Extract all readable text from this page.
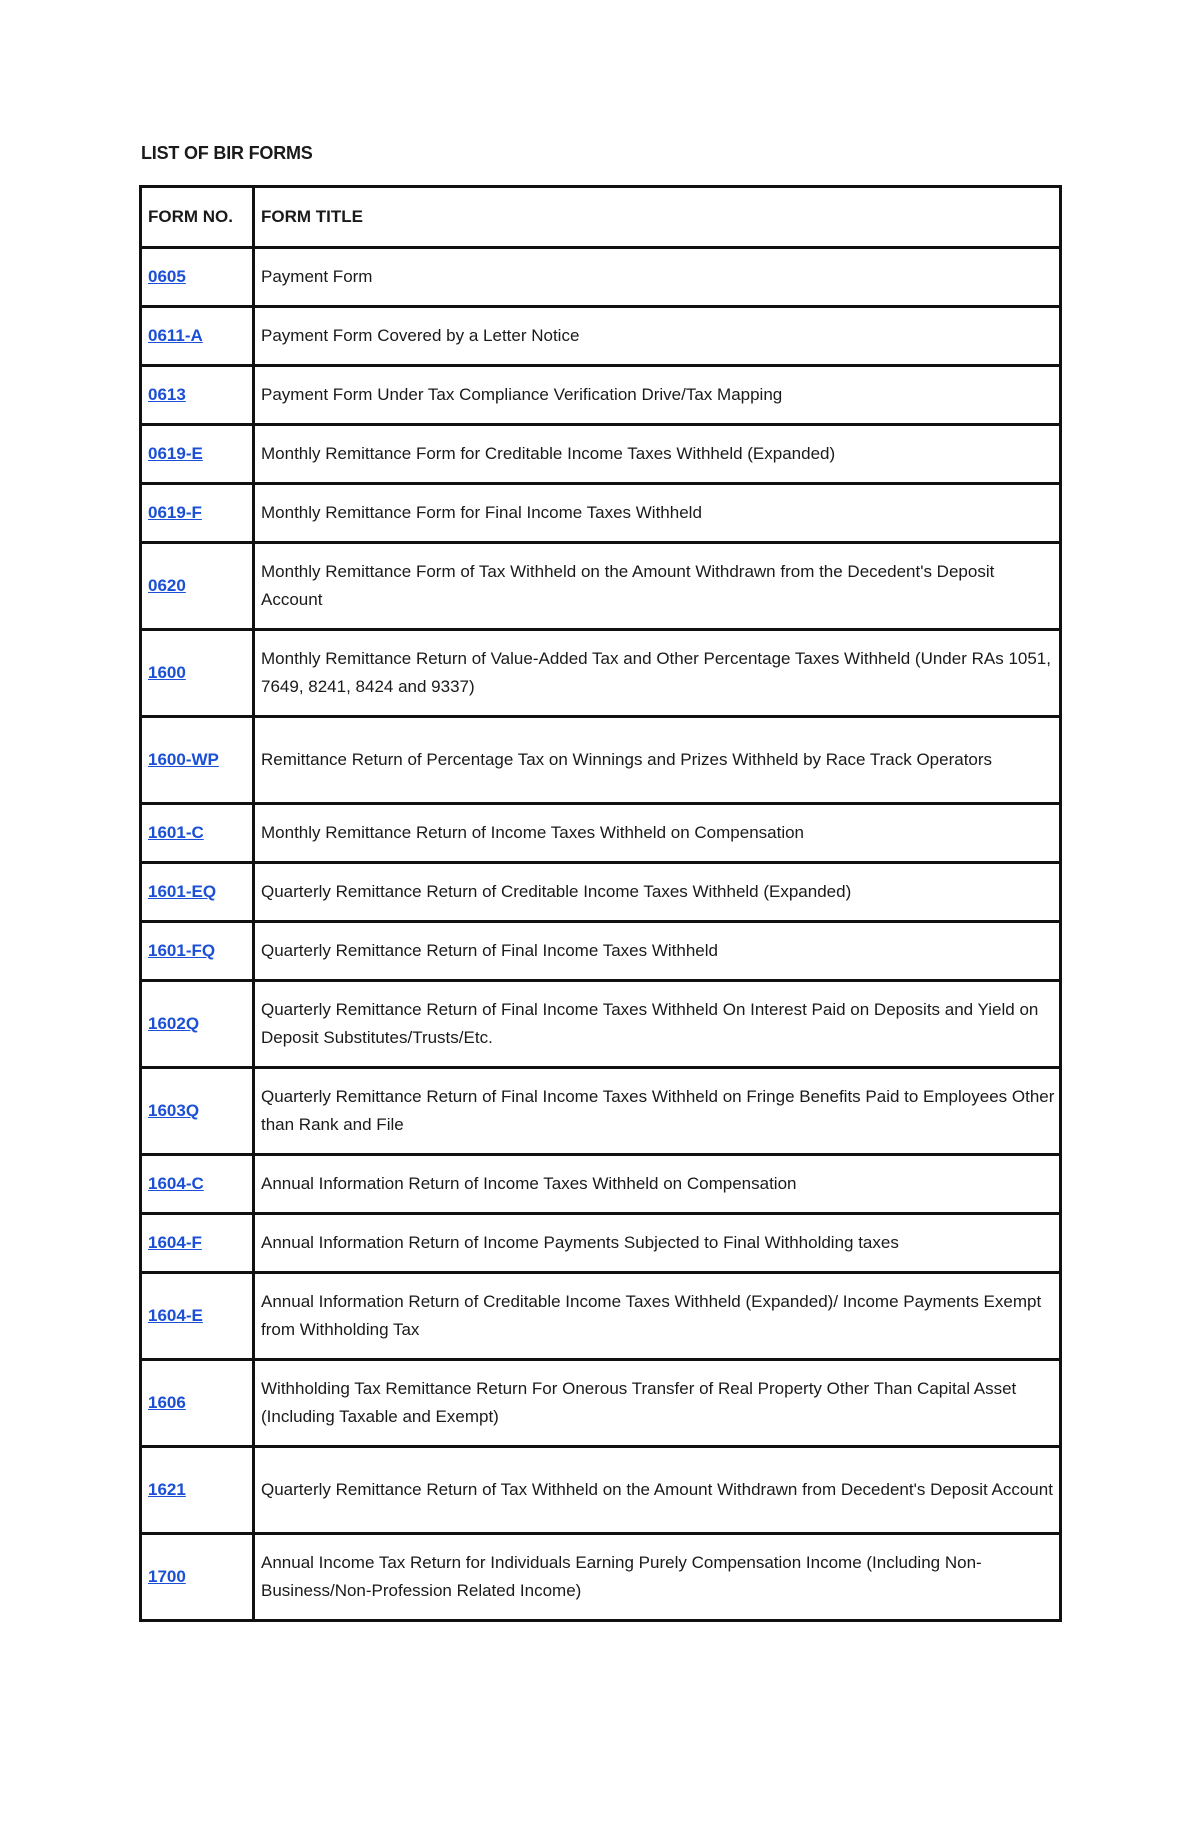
LIST OF BIR FORMS
FORM NO.	FORM TITLE
0605	Payment Form
0611-A	Payment Form Covered by a Letter Notice
0613	Payment Form Under Tax Compliance Verification Drive/Tax Mapping
0619-E	Monthly Remittance Form for Creditable Income Taxes Withheld (Expanded)
0619-F	Monthly Remittance Form for Final Income Taxes Withheld
0620	Monthly Remittance Form of Tax Withheld on the Amount Withdrawn from the Decedent's Deposit Account
1600	Monthly Remittance Return of Value-Added Tax and Other Percentage Taxes Withheld (Under RAs 1051, 7649, 8241, 8424 and 9337)
1600-WP	Remittance Return of Percentage Tax on Winnings and Prizes Withheld by Race Track Operators
1601-C	Monthly Remittance Return of Income Taxes Withheld on Compensation
1601-EQ	Quarterly Remittance Return of Creditable Income Taxes Withheld (Expanded)
1601-FQ	Quarterly Remittance Return of Final Income Taxes Withheld
1602Q	Quarterly Remittance Return of Final Income Taxes Withheld On Interest Paid on Deposits and Yield on Deposit Substitutes/Trusts/Etc.
1603Q	Quarterly Remittance Return of Final Income Taxes Withheld on Fringe Benefits Paid to Employees Other than Rank and File
1604-C	Annual Information Return of Income Taxes Withheld on Compensation
1604-F	Annual Information Return of Income Payments Subjected to Final Withholding taxes
1604-E	Annual Information Return of Creditable Income Taxes Withheld (Expanded)/ Income Payments Exempt from Withholding Tax
1606	Withholding Tax Remittance Return For Onerous Transfer of Real Property Other Than Capital Asset (Including Taxable and Exempt)
1621	Quarterly Remittance Return of Tax Withheld on the Amount Withdrawn from Decedent's Deposit Account
1700	Annual Income Tax Return for Individuals Earning Purely Compensation Income (Including Non-Business/Non-Profession Related Income)
